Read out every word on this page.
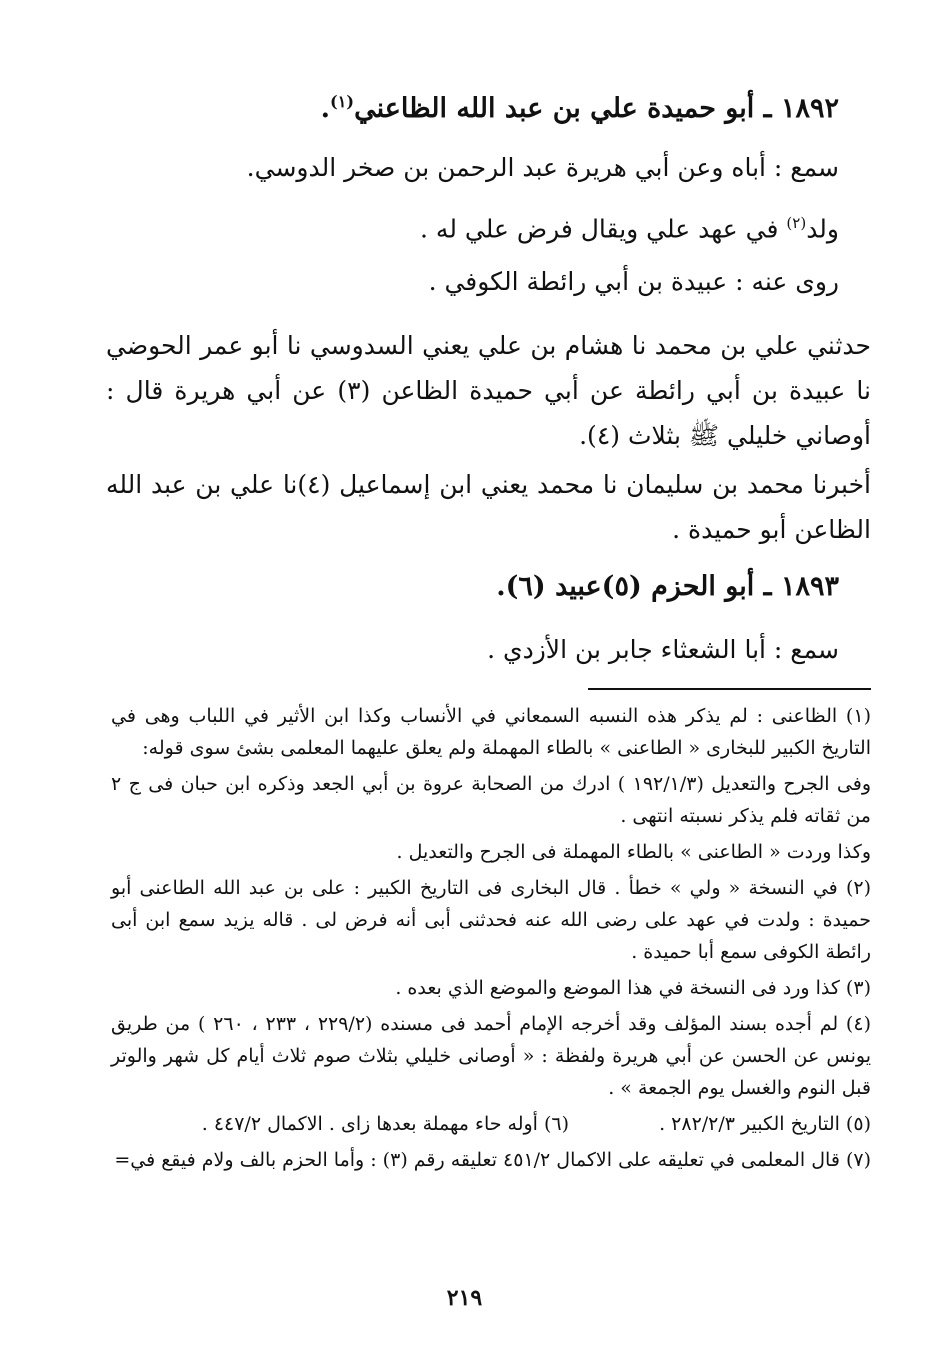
١٨٩٢ ـ أبو حميدة علي بن عبد الله الظاعني$^{(١)}$.
سمع : أباه وعن أبي هريرة عبد الرحمن بن صخر الدوسي.
ولد$^{(٢)}$ في عهد علي ويقال فرض علي له .
روى عنه : عبيدة بن أبي رائطة الكوفي .
حدثني علي بن محمد نا هشام بن علي يعني السدوسي نا أبو عمر الحوضي نا عبيدة بن أبي رائطة عن أبي حميدة الظاعن (٣) عن أبي هريرة قال : أوصاني خليلي ﷺ بثلاث (٤).
أخبرنا محمد بن سليمان نا محمد يعني ابن إسماعيل (٤)نا علي بن عبد الله الظاعن أبو حميدة .
١٨٩٣ ـ أبو الحزم (٥)عبيد (٦).
سمع : أبا الشعثاء جابر بن الأزدي .

(١) الظاعنى : لم يذكر هذه النسبه السمعاني في الأنساب وكذا ابن الأثير في اللباب وهى في التاريخ الكبير للبخارى « الطاعنى » بالطاء المهملة ولم يعلق عليهما المعلمى بشئ سوى قوله:

وفى الجرح والتعديل (١٩٢/١/٣ ) ادرك من الصحابة عروة بن أبي الجعد وذكره ابن حبان فى ج ٢ من ثقاته فلم يذكر نسبته انتهى .

وكذا وردت « الطاعنى » بالطاء المهملة فى الجرح والتعديل .

(٢) في النسخة « ولي » خطأ . قال البخارى فى التاريخ الكبير : على بن عبد الله الطاعنى أبو حميدة : ولدت في عهد على رضى الله عنه فحدثنى أبى أنه فرض لى . قاله يزيد سمع ابن أبى رائطة الكوفى سمع أبا حميدة .

(٣) كذا ورد فى النسخة في هذا الموضع والموضع الذي بعده .

(٤) لم أجده بسند المؤلف وقد أخرجه الإمام أحمد فى مسنده (٢٢٩/٢ ، ٢٣٣ ، ٢٦٠ ) من طريق يونس عن الحسن عن أبي هريرة ولفظة : « أوصانى خليلي بثلاث صوم ثلاث أيام كل شهر والوتر قبل النوم والغسل يوم الجمعة » .

(٥) التاريخ الكبير ٢٨٢/٢/٣ .
(٦) أوله حاء مهملة بعدها زاى . الاكمال ٤٤٧/٢ .

(٧) قال المعلمى في تعليقه على الاكمال ٤٥١/٢ تعليقه رقم (٣) : وأما الحزم بالف ولام فيقع في=

٢١٩
